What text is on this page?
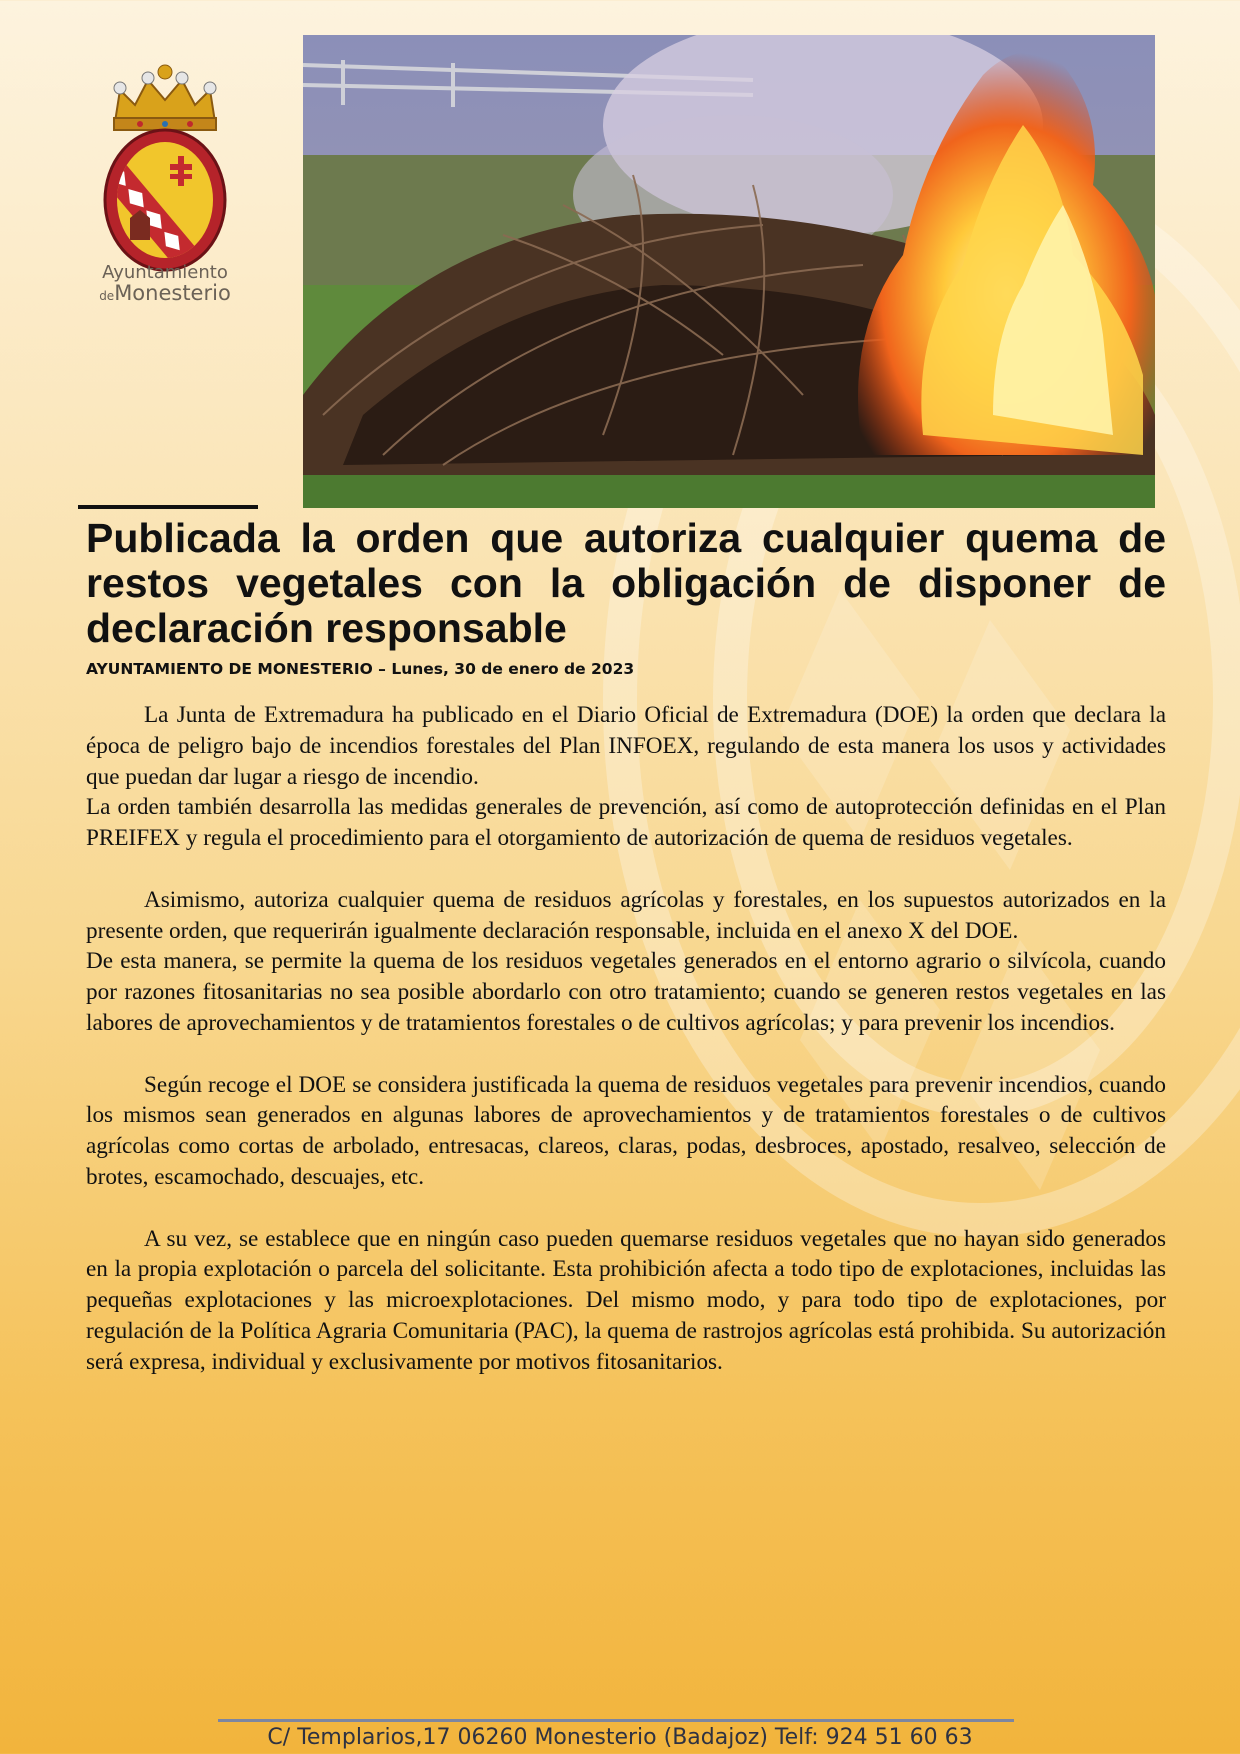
Ayuntamiento
deMonesterio
Publicada la orden que autoriza cualquier quema de restos vegetales con la obligación de disponer de declaración responsable
AYUNTAMIENTO DE MONESTERIO – Lunes, 30 de enero de 2023

La Junta de Extremadura ha publicado en el Diario Oficial de Extremadura (DOE) la orden que declara la época de peligro bajo de incendios forestales del Plan INFOEX, regulando de esta manera los usos y actividades que puedan dar lugar a riesgo de incendio.

La orden también desarrolla las medidas generales de prevención, así como de autoprotección definidas en el Plan PREIFEX y regula el procedimiento para el otorgamiento de autorización de quema de residuos vegetales.

Asimismo, autoriza cualquier quema de residuos agrícolas y forestales, en los supuestos autorizados en la presente orden, que requerirán igualmente declaración responsable, incluida en el anexo X del DOE.

De esta manera, se permite la quema de los residuos vegetales generados en el entorno agrario o silvícola, cuando por razones fitosanitarias no sea posible abordarlo con otro tratamiento; cuando se generen restos vegetales en las labores de aprovechamientos y de tratamientos forestales o de cultivos agrícolas; y para prevenir los incendios.

Según recoge el DOE se considera justificada la quema de residuos vegetales para prevenir incendios, cuando los mismos sean generados en algunas labores de aprovechamientos y de tratamientos forestales o de cultivos agrícolas como cortas de arbolado, entresacas, clareos, claras, podas, desbroces, apostado, resalveo, selección de brotes, escamochado, descuajes, etc.

A su vez, se establece que en ningún caso pueden quemarse residuos vegetales que no hayan sido generados en la propia explotación o parcela del solicitante. Esta prohibición afecta a todo tipo de explotaciones, incluidas las pequeñas explotaciones y las microexplotaciones. Del mismo modo, y para todo tipo de explotaciones, por regulación de la Política Agraria Comunitaria (PAC), la quema de rastrojos agrícolas está prohibida. Su autorización será expresa, individual y exclusivamente por motivos fitosanitarios.

C/ Templarios,17 06260 Monesterio (Badajoz) Telf: 924 51 60 63
